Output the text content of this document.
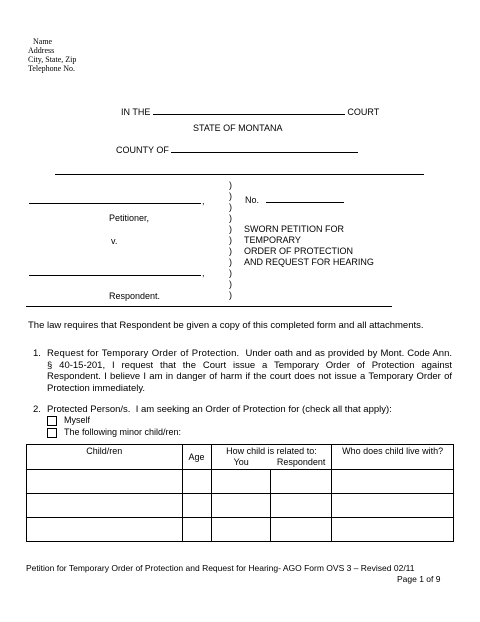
Name
Address
City, State, Zip
Telephone No.
IN THE	COURT
STATE OF MONTANA
COUNTY OF
)
)
)
)
)
)
)
)
)
)
)
,
Petitioner,
v.
,
Respondent.
No.
SWORN PETITION FOR
TEMPORARY
ORDER OF PROTECTION
AND REQUEST FOR HEARING
The law requires that Respondent be given a copy of this completed form and all attachments.
1. Request for Temporary Order of Protection. Under oath and as provided by Mont. Code Ann. § 40-15-201, I request that the Court issue a Temporary Order of Protection against Respondent. I believe I am in danger of harm if the court does not issue a Temporary Order of Protection immediately.
2. Protected Person/s. I am seeking an Order of Protection for (check all that apply):
Myself
The following minor child/ren:
Child/ren	Age	How child is related to:		Who does child live with?
		You	Respondent	

Petition for Temporary Order of Protection and Request for Hearing- AGO Form OVS 3 – Revised 02/11
Page 1 of 9
